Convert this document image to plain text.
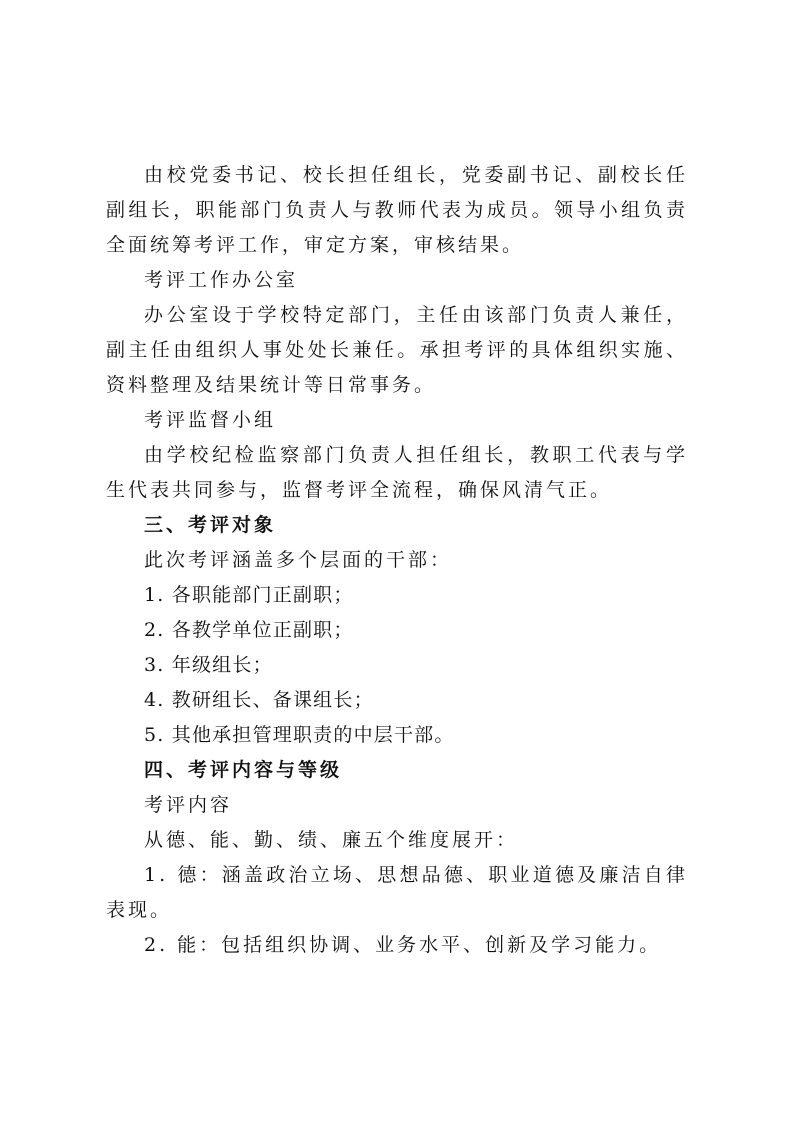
由校党委书记、校长担任组长，党委副书记、副校长任副组长，职能部门负责人与教师代表为成员。领导小组负责全面统筹考评工作，审定方案，审核结果。

考评工作办公室

办公室设于学校特定部门，主任由该部门负责人兼任，副主任由组织人事处处长兼任。承担考评的具体组织实施、资料整理及结果统计等日常事务。

考评监督小组

由学校纪检监察部门负责人担任组长，教职工代表与学生代表共同参与，监督考评全流程，确保风清气正。

三、考评对象

此次考评涵盖多个层面的干部：

1. 各职能部门正副职；

2. 各教学单位正副职；

3. 年级组长；

4. 教研组长、备课组长；

5. 其他承担管理职责的中层干部。

四、考评内容与等级

考评内容

从德、能、勤、绩、廉五个维度展开：

1. 德：涵盖政治立场、思想品德、职业道德及廉洁自律表现。

2. 能：包括组织协调、业务水平、创新及学习能力。
